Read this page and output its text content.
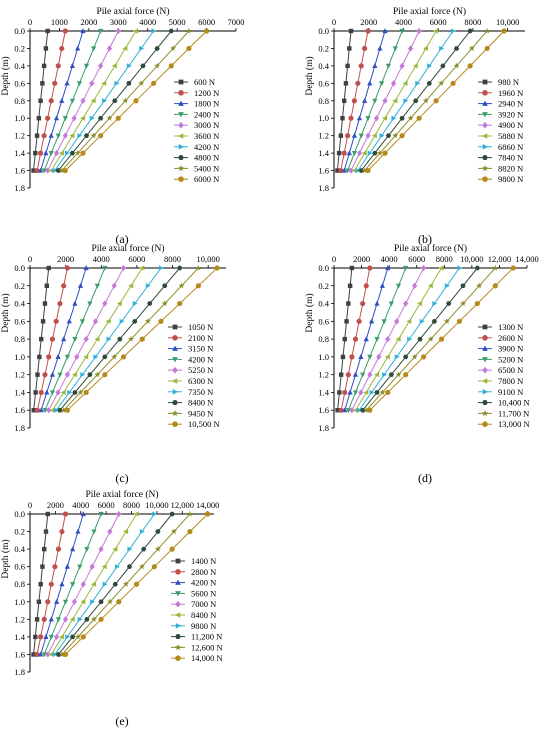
0 1000 2000 3000 4000 5000 6000 7000
0.0
0.2
0.4
0.6
0.8
1.0
1.2
1.4
1.6
1.8
Pile axial force (N)
Depth (m)	600 N
1200 N
1800 N
2400 N
3000 N
3600 N
4200 N
4800 N
5400 N
6000 N
(a)
0	2000 4000 6000 8000 10,000
0.0
0.2
0.4
0.6
0.8
1.0
1.2
1.4
1.6
1.8
Pile axial force (N)
Depth (m)	980 N
1960 N
2940 N
3920 N
4900 N
5880 N
6860 N
7840 N
8820 N
9800 N
(b)
0	2000 4000 6000 8000 10,000
0.0
0.2
0.4
0.6
0.8
1.0
1.2
1.4
1.6
1.8
Pile axial force (N)
Depth (m)	1050 N
2100 N
3150 N
4200 N
5250 N
6300 N
7350 N
8400 N
9450 N
10,500 N
(c)
0 2000 4000 6000 8000 10,000 12,000 14,000
0.0
0.2
0.4
0.6
0.8
1.0
1.2
1.4
1.6
1.8
Pile axial force (N)
Depth (m)	1300 N
2600 N
3900 N
5200 N
6500 N
7800 N
9100 N
10,400 N
11,700 N
13,000 N
(d)
0 2000 4000 6000 8000 10,000 12,000 14,000
0.0
0.2
0.4
0.6
0.8
1.0
1.2
1.4
1.6
1.8
Pile axial force (N)
Depth (m)	1400 N
2800 N
4200 N
5600 N
7000 N
8400 N
9800 N
11,200 N
12,600 N
14,000 N
(e)
